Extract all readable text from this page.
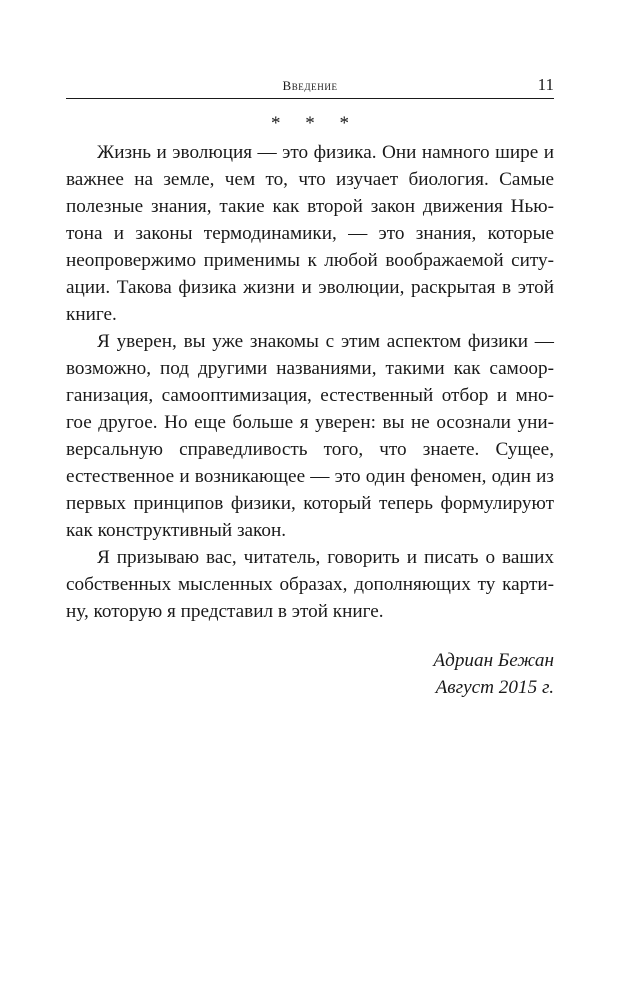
Введение	11
* * *

Жизнь и эволюция — это физика. Они намного шире и важнее на земле, чем то, что изучает биология. Самые полезные знания, такие как второй закон движения Ньютона и законы термодинамики, — это знания, которые неопровержимо применимы к любой воображаемой ситуации. Такова физика жизни и эволюции, раскрытая в этой книге.

Я уверен, вы уже знакомы с этим аспектом физики — возможно, под другими названиями, такими как самоорганизация, самооптимизация, естественный отбор и многое другое. Но еще больше я уверен: вы не осознали универсальную справедливость того, что знаете. Сущее, естественное и возникающее — это один феномен, один из первых принципов физики, который теперь формулируют как конструктивный закон.

Я призываю вас, читатель, говорить и писать о ваших собственных мысленных образах, дополняющих ту картину, которую я представил в этой книге.

Адриан Бежан
Август 2015 г.
